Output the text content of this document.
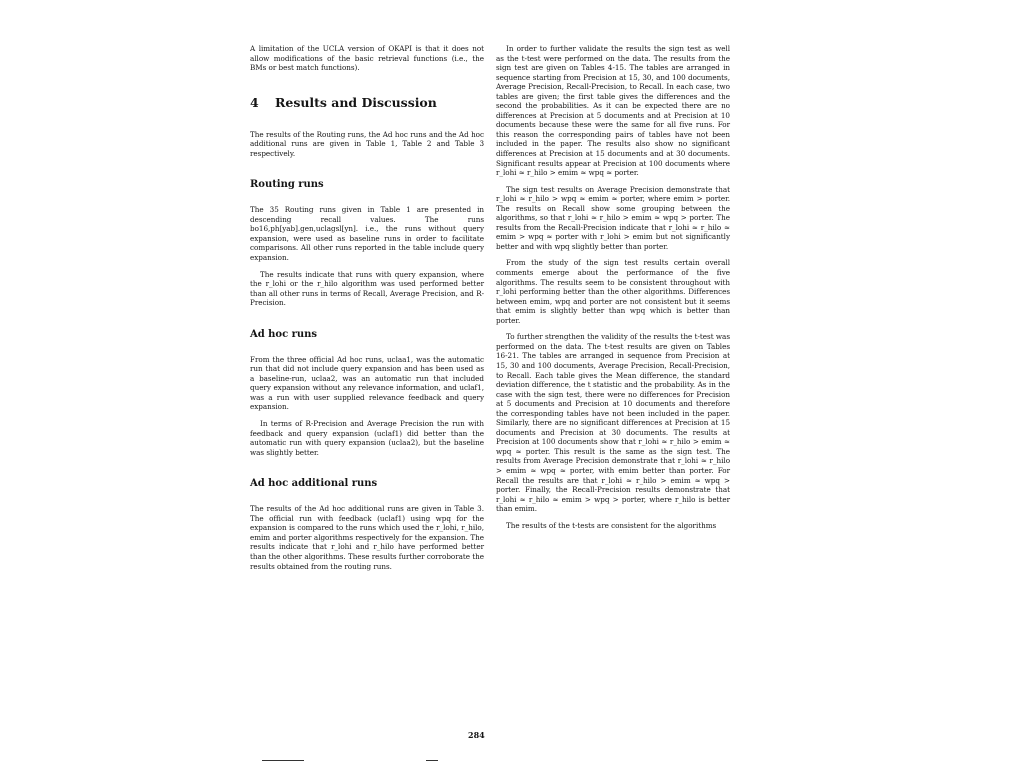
A limitation of the UCLA version of OKAPI is that it does not allow modifications of the basic retrieval functions (i.e., the BMs or best match functions).

4 Results and Discussion

The results of the Routing runs, the Ad hoc runs and the Ad hoc additional runs are given in Table 1, Table 2 and Table 3 respectively.

Routing runs

The 35 Routing runs given in Table 1 are presented in descending recall values. The runs bo16,ph[yab].gen,uclagsl[yn]. i.e., the runs without query expansion, were used as baseline runs in order to facilitate comparisons. All other runs reported in the table include query expansion.

The results indicate that runs with query expansion, where the r_lohi or the r_hilo algorithm was used performed better than all other runs in terms of Recall, Average Precision, and R-Precision.

Ad hoc runs

From the three official Ad hoc runs, uclaa1, was the automatic run that did not include query expansion and has been used as a baseline-run, uclaa2, was an automatic run that included query expansion without any relevance information, and uclaf1, was a run with user supplied relevance feedback and query expansion.

In terms of R-Precision and Average Precision the run with feedback and query expansion (uclaf1) did better than the automatic run with query expansion (uclaa2), but the baseline was slightly better.

Ad hoc additional runs

The results of the Ad hoc additional runs are given in Table 3. The official run with feedback (uclaf1) using wpq for the expansion is compared to the runs which used the r_lohi, r_hilo, emim and porter algorithms respectively for the expansion. The results indicate that r_lohi and r_hilo have performed better than the other algorithms. These results further corroborate the results obtained from the routing runs.

In order to further validate the results the sign test as well as the t-test were performed on the data. The results from the sign test are given on Tables 4-15. The tables are arranged in sequence starting from Precision at 15, 30, and 100 documents, Average Precision, Recall-Precision, to Recall. In each case, two tables are given; the first table gives the differences and the second the probabilities. As it can be expected there are no differences at Precision at 5 documents and at Precision at 10 documents because these were the same for all five runs. For this reason the corresponding pairs of tables have not been included in the paper. The results also show no significant differences at Precision at 15 documents and at 30 documents. Significant results appear at Precision at 100 documents where r_lohi ≈ r_hilo > emim ≈ wpq ≈ porter.

The sign test results on Average Precision demonstrate that r_lohi ≈ r_hilo > wpq ≈ emim ≈ porter, where emim > porter. The results on Recall show some grouping between the algorithms, so that r_lohi ≈ r_hilo > emim ≈ wpq > porter. The results from the Recall-Precision indicate that r_lohi ≈ r_hilo ≈ emim > wpq ≈ porter with r_lohi > emim but not significantly better and with wpq slightly better than porter.

From the study of the sign test results certain overall comments emerge about the performance of the five algorithms. The results seem to be consistent throughout with r_lohi performing better than the other algorithms. Differences between emim, wpq and porter are not consistent but it seems that emim is slightly better than wpq which is better than porter.

To further strengthen the validity of the results the t-test was performed on the data. The t-test results are given on Tables 16-21. The tables are arranged in sequence from Precision at 15, 30 and 100 documents, Average Precision, Recall-Precision, to Recall. Each table gives the Mean difference, the standard deviation difference, the t statistic and the probability. As in the case with the sign test, there were no differences for Precision at 5 documents and Precision at 10 documents and therefore the corresponding tables have not been included in the paper. Similarly, there are no significant differences at Precision at 15 documents and Precision at 30 documents. The results at Precision at 100 documents show that r_lohi ≈ r_hilo > emim ≈ wpq ≈ porter. This result is the same as the sign test. The results from Average Precision demonstrate that r_lohi ≈ r_hilo > emim ≈ wpq ≈ porter, with emim better than porter. For Recall the results are that r_lohi ≈ r_hilo > emim ≈ wpq > porter. Finally, the Recall-Precision results demonstrate that r_lohi ≈ r_hilo ≈ emim > wpq > porter, where r_hilo is better than emim.

The results of the t-tests are consistent for the algorithms

284
